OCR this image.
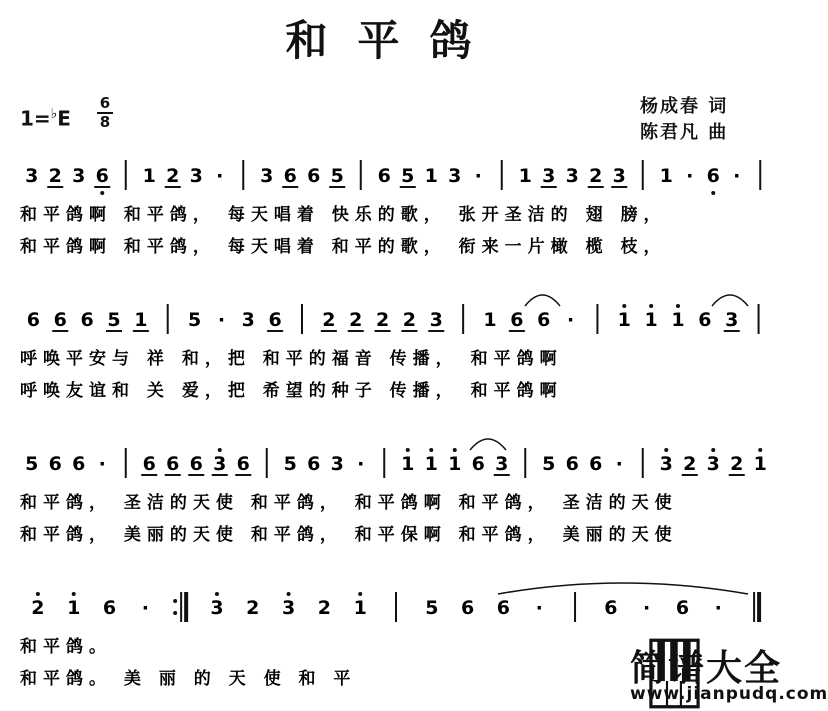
和平鸽
1=♭E
6
8
杨成春 词
陈君凡 曲
3 2 3 6 1 2 3 · 3 6 6 5 6 5 1 3 · 1 3 3 2 3 1 · 6 ·
和平鸽啊 和平鸽， 每天唱着 快乐的歌， 张开圣洁的 翅 膀，
和平鸽啊 和平鸽， 每天唱着 和平的歌， 衔来一片橄 榄 枝，
6 6 6 5 1 5 · 3 6 2 2 2 2 3 1 6 6 · 1 1 1 6 3
呼唤平安与 祥 和，把 和平的福音 传播， 和平鸽啊
呼唤友谊和 关 爱，把 希望的种子 传播， 和平鸽啊
5 6 6 · 6 6 6 3 6 5 6 3 · 1 1 1 6 3 5 6 6 · 3 2 3 2 1
和平鸽， 圣洁的天使 和平鸽， 和平鸽啊 和平鸽， 圣洁的天使
和平鸽， 美丽的天使 和平鸽， 和平保啊 和平鸽， 美丽的天使
2 1 6 ·	3 2 3 2 1	5 6 6 ·	6 · 6 ·
和平鸽。
和平鸽。 美 丽 的 天 使 和 平	简谱大全
www.jianpudq.com
